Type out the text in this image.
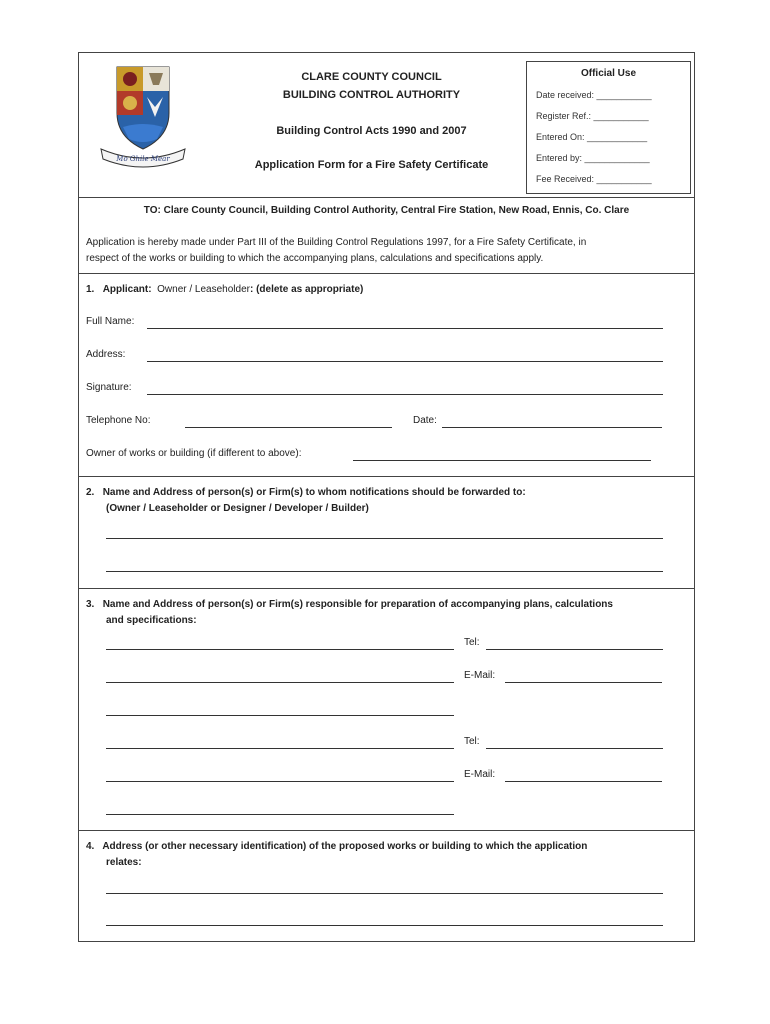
Mo Ghile Mear
CLARE COUNTY COUNCIL
BUILDING CONTROL AUTHORITY
Building Control Acts 1990 and 2007
Application Form for a Fire Safety Certificate
Official Use
Date received: ___________
Register Ref.: ___________
Entered On: ____________
Entered by: _____________
Fee Received: ___________
TO: Clare County Council, Building Control Authority, Central Fire Station, New Road, Ennis, Co. Clare
Application is hereby made under Part III of the Building Control Regulations 1997, for a Fire Safety Certificate, in
respect of the works or building to which the accompanying plans, calculations and specifications apply.
1. Applicant: Owner / Leaseholder: (delete as appropriate)
Full Name:
Address:
Signature:
Telephone No:	Date:
Owner of works or building (if different to above):
2. Name and Address of person(s) or Firm(s) to whom notifications should be forwarded to:
(Owner / Leaseholder or Designer / Developer / Builder)
3. Name and Address of person(s) or Firm(s) responsible for preparation of accompanying plans, calculations
and specifications:
Tel:
E-Mail:
Tel:
E-Mail:
4. Address (or other necessary identification) of the proposed works or building to which the application
relates:
